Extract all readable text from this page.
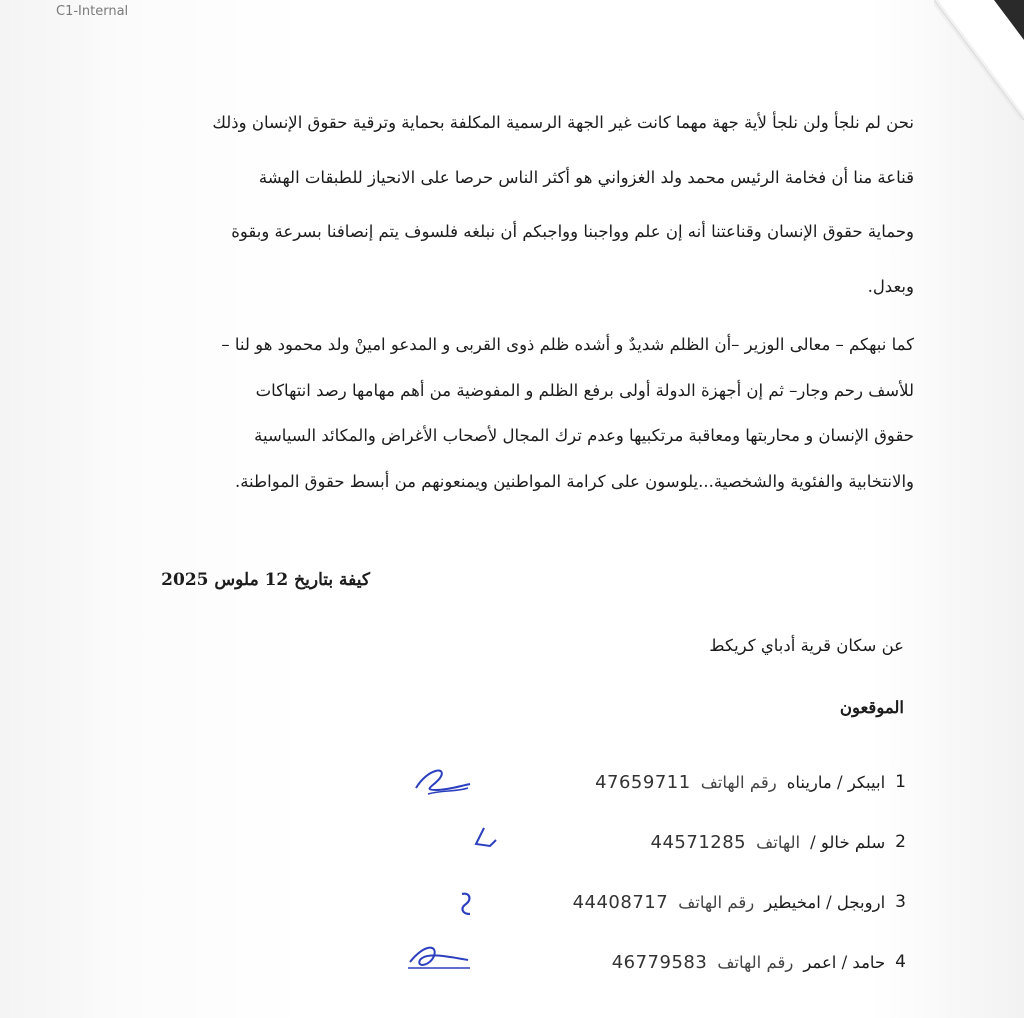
C1-Internal
نحن لم نلجأ ولن نلجأ لأية جهة مهما كانت غير الجهة الرسمية المكلفة بحماية وترقية حقوق الإنسان وذلك
قناعة منا أن فخامة الرئيس محمد ولد الغزواني هو أكثر الناس حرصا على الانحياز للطبقات الهشة
وحماية حقوق الإنسان وقناعتنا أنه إن علم وواجبنا وواجبكم أن نبلغه فلسوف يتم إنصافنا بسرعة وبقوة
وبعدل.
كما نبهكم – معالى الوزير –أن الظلم شديدٌ و أشده ظلم ذوى القربى و المدعو امينْ ولد محمود هو لنا –
للأسف رحم وجار– ثم إن أجهزة الدولة أولى برفع الظلم و المفوضية من أهم مهامها رصد انتهاكات
حقوق الإنسان و محاربتها ومعاقبة مرتكبيها وعدم ترك المجال لأصحاب الأغراض والمكائد السياسية
والانتخابية والفئوية والشخصية...يلوسون على كرامة المواطنين ويمنعونهم من أبسط حقوق المواطنة.
كيفة بتاريخ 12 ملوس 2025
عن سكان قرية أدباي كريكط
الموقعون
1
ابيبكر / مارينا‌ه
رقم الهاتف
47659711
2
سلم خالو /
الهاتف
44571285
3
اروبجل / امخيطير
رقم الهاتف
44408717
4
حامد / اعمر
رقم الهاتف
46779583
